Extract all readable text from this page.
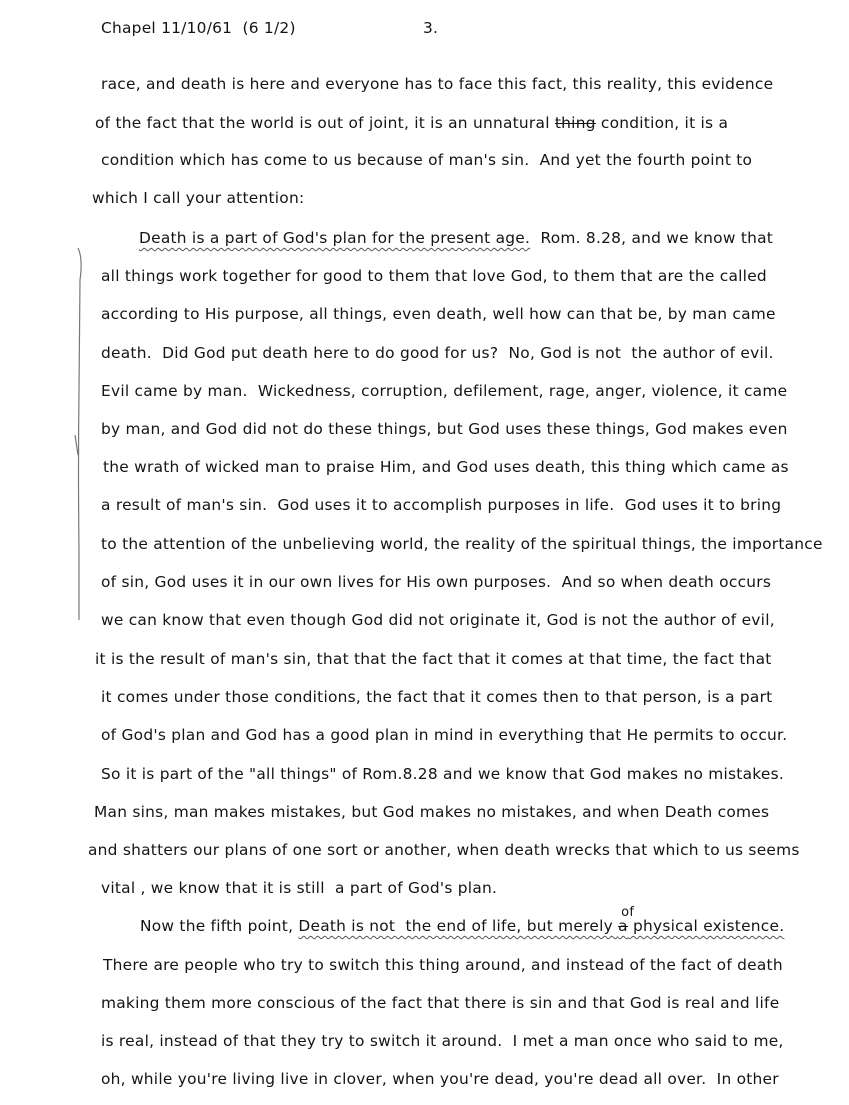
Chapel 11/10/61  (6 1/2)	3.
race, and death is here and everyone has to face this fact, this reality, this evidence
of the fact that the world is out of joint, it is an unnatural thing condition, it is a
condition which has come to us because of man's sin.  And yet the fourth point to
which I call your attention:
Death is a part of God's plan for the present age.  Rom. 8.28, and we know that
all things work together for good to them that love God, to them that are the called
according to His purpose, all things, even death, well how can that be, by man came
death.  Did God put death here to do good for us?  No, God is not  the author of evil.
Evil came by man.  Wickedness, corruption, defilement, rage, anger, violence, it came
by man, and God did not do these things, but God uses these things, God makes even
the wrath of wicked man to praise Him, and God uses death, this thing which came as
a result of man's sin.  God uses it to accomplish purposes in life.  God uses it to bring
to the attention of the unbelieving world, the reality of the spiritual things, the importance
of sin, God uses it in our own lives for His own purposes.  And so when death occurs
we can know that even though God did not originate it, God is not the author of evil,
it is the result of man's sin, that that the fact that it comes at that time, the fact that
it comes under those conditions, the fact that it comes then to that person, is a part
of God's plan and God has a good plan in mind in everything that He permits to occur.
So it is part of the "all things" of Rom.8.28 and we know that God makes no mistakes.
Man sins, man makes mistakes, but God makes no mistakes, and when Death comes
and shatters our plans of one sort or another, when death wrecks that which to us seems
vital , we know that it is still  a part of God's plan.
Now the fifth point, Death is not  the end of life, but merely a
of
physical existence.
There are people who try to switch this thing around, and instead of the fact of death
making them more conscious of the fact that there is sin and that God is real and life
is real, instead of that they try to switch it around.  I met a man once who said to me,
oh, while you're living live in clover, when you're dead, you're dead all over.  In other
